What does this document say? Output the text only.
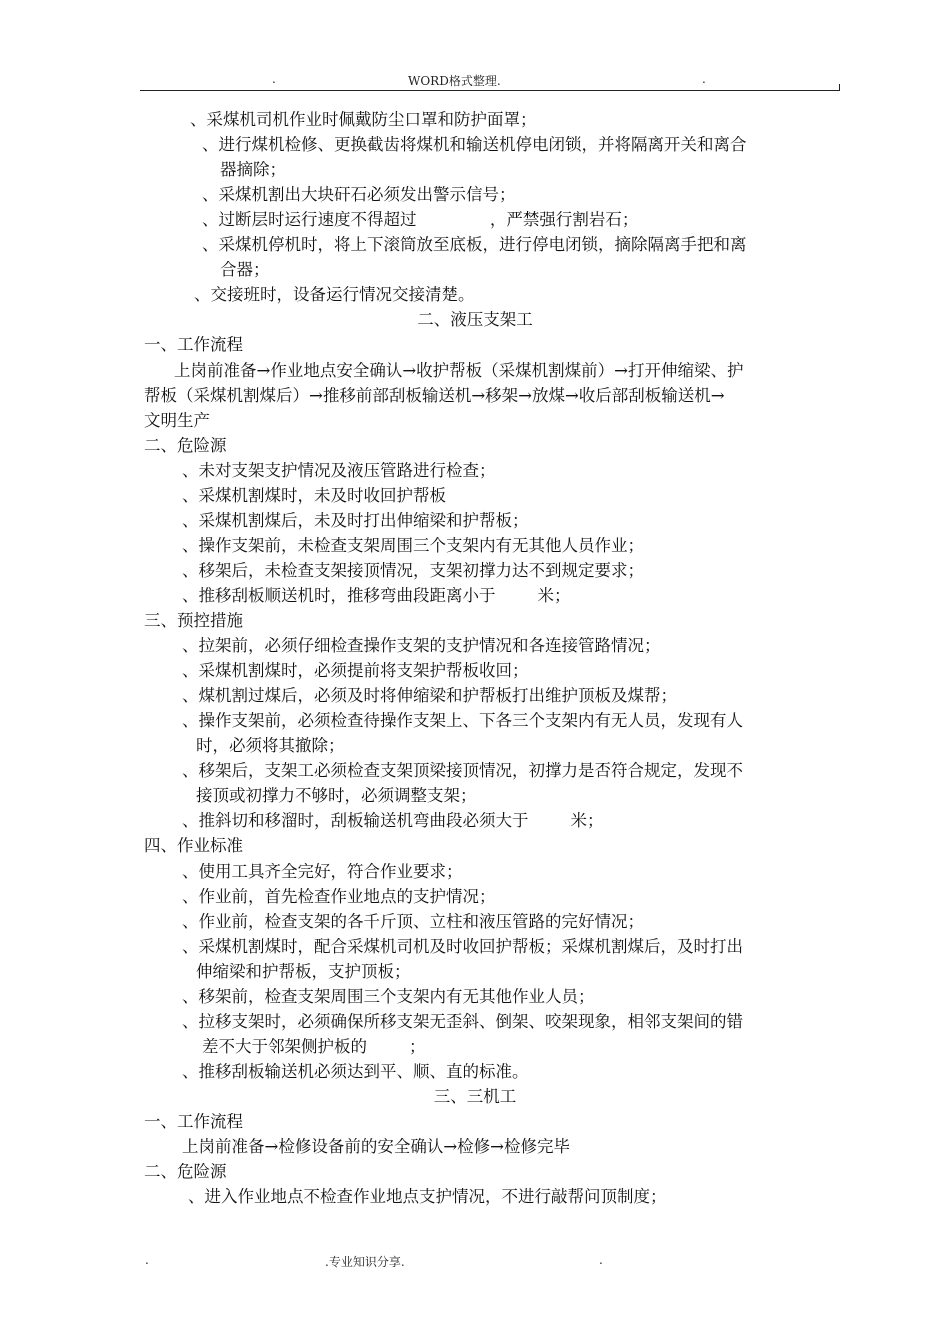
.	WORD格式整理.	.
、采煤机司机作业时佩戴防尘口罩和防护面罩；
、进行煤机检修、更换截齿将煤机和输送机停电闭锁，并将隔离开关和离合
器摘除；
、采煤机割出大块矸石必须发出警示信号；
、过断层时运行速度不得超过              ，严禁强行割岩石；
、采煤机停机时，将上下滚筒放至底板，进行停电闭锁，摘除隔离手把和离
合器；
、交接班时，设备运行情况交接清楚。
二、液压支架工
一、工作流程
上岗前准备→作业地点安全确认→收护帮板（采煤机割煤前）→打开伸缩梁、护
帮板（采煤机割煤后）→推移前部刮板输送机→移架→放煤→收后部刮板输送机→
文明生产
二、危险源
、未对支架支护情况及液压管路进行检查；
、采煤机割煤时，未及时收回护帮板
、采煤机割煤后，未及时打出伸缩梁和护帮板；
、操作支架前，未检查支架周围三个支架内有无其他人员作业；
、移架后，未检查支架接顶情况，支架初撑力达不到规定要求；
、推移刮板顺送机时，推移弯曲段距离小于        米；
三、预控措施
、拉架前，必须仔细检查操作支架的支护情况和各连接管路情况；
、采煤机割煤时，必须提前将支架护帮板收回；
、煤机割过煤后，必须及时将伸缩梁和护帮板打出维护顶板及煤帮；
、操作支架前，必须检查待操作支架上、下各三个支架内有无人员，发现有人
时，必须将其撤除；
、移架后，支架工必须检查支架顶梁接顶情况，初撑力是否符合规定，发现不
接顶或初撑力不够时，必须调整支架；
、推斜切和移溜时，刮板输送机弯曲段必须大于        米；
四、作业标准
、使用工具齐全完好，符合作业要求；
、作业前，首先检查作业地点的支护情况；
、作业前，检查支架的各千斤顶、立柱和液压管路的完好情况；
、采煤机割煤时，配合采煤机司机及时收回护帮板；采煤机割煤后，及时打出
伸缩梁和护帮板，支护顶板；
、移架前，检查支架周围三个支架内有无其他作业人员；
、拉移支架时，必须确保所移支架无歪斜、倒架、咬架现象，相邻支架间的错
差不大于邻架侧护板的        ；
、推移刮板输送机必须达到平、顺、直的标准。
三、三机工
一、工作流程
上岗前准备→检修设备前的安全确认→检修→检修完毕
二、危险源
、进入作业地点不检查作业地点支护情况，不进行敲帮问顶制度；
.	.专业知识分享.	.
